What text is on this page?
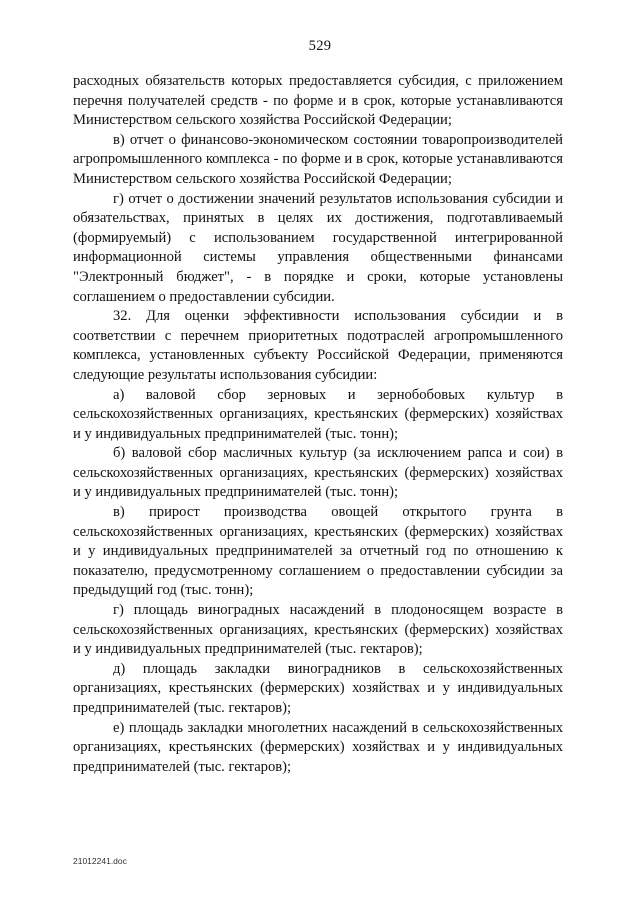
529

расходных обязательств которых предоставляется субсидия, с приложением перечня получателей средств - по форме и в срок, которые устанавливаются Министерством сельского хозяйства Российской Федерации;

в) отчет о финансово-экономическом состоянии товаропроизводителей агропромышленного комплекса - по форме и в срок, которые устанавливаются Министерством сельского хозяйства Российской Федерации;

г) отчет о достижении значений результатов использования субсидии и обязательствах, принятых в целях их достижения, подготавливаемый (формируемый) с использованием государственной интегрированной информационной системы управления общественными финансами "Электронный бюджет", - в порядке и сроки, которые установлены соглашением о предоставлении субсидии.

32. Для оценки эффективности использования субсидии и в соответствии с перечнем приоритетных подотраслей агропромышленного комплекса, установленных субъекту Российской Федерации, применяются следующие результаты использования субсидии:

а) валовой сбор зерновых и зернобобовых культур в сельскохозяйственных организациях, крестьянских (фермерских) хозяйствах и у индивидуальных предпринимателей (тыс. тонн);

б) валовой сбор масличных культур (за исключением рапса и сои) в сельскохозяйственных организациях, крестьянских (фермерских) хозяйствах и у индивидуальных предпринимателей (тыс. тонн);

в) прирост производства овощей открытого грунта в сельскохозяйственных организациях, крестьянских (фермерских) хозяйствах и у индивидуальных предпринимателей за отчетный год по отношению к показателю, предусмотренному соглашением о предоставлении субсидии за предыдущий год (тыс. тонн);

г) площадь виноградных насаждений в плодоносящем возрасте в сельскохозяйственных организациях, крестьянских (фермерских) хозяйствах и у индивидуальных предпринимателей (тыс. гектаров);

д) площадь закладки виноградников в сельскохозяйственных организациях, крестьянских (фермерских) хозяйствах и у индивидуальных предпринимателей (тыс. гектаров);

е) площадь закладки многолетних насаждений в сельскохозяйственных организациях, крестьянских (фермерских) хозяйствах и у индивидуальных предпринимателей (тыс. гектаров);

21012241.doc
